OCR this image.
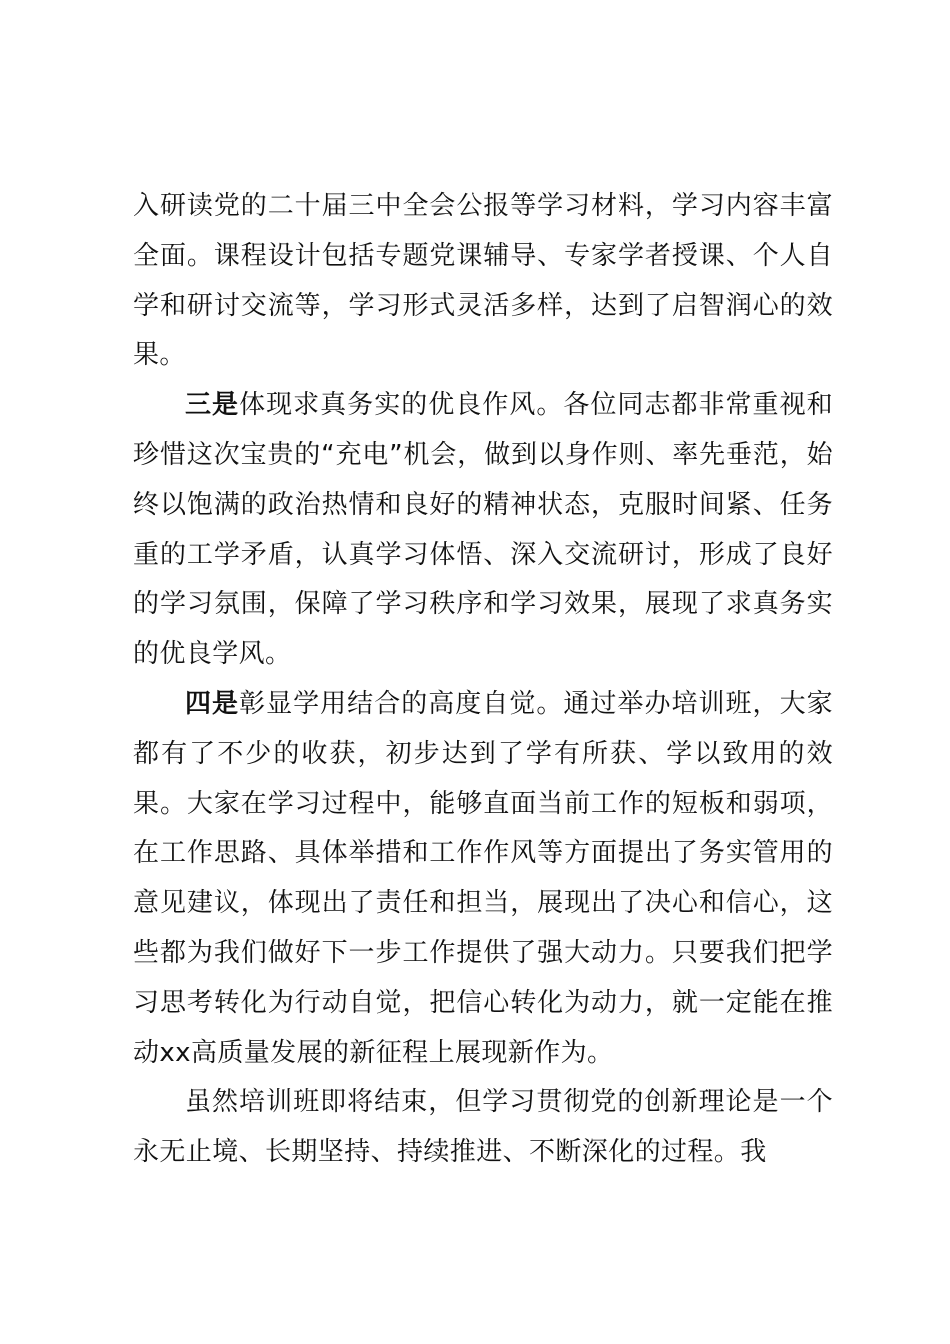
入研读党的二十届三中全会公报等学习材料，学习内容丰富全面。课程设计包括专题党课辅导、专家学者授课、个人自学和研讨交流等，学习形式灵活多样，达到了启智润心的效果。

三是体现求真务实的优良作风。各位同志都非常重视和珍惜这次宝贵的“充电”机会，做到以身作则、率先垂范，始终以饱满的政治热情和良好的精神状态，克服时间紧、任务重的工学矛盾，认真学习体悟、深入交流研讨，形成了良好的学习氛围，保障了学习秩序和学习效果，展现了求真务实的优良学风。

四是彰显学用结合的高度自觉。通过举办培训班，大家都有了不少的收获，初步达到了学有所获、学以致用的效果。大家在学习过程中，能够直面当前工作的短板和弱项，在工作思路、具体举措和工作作风等方面提出了务实管用的意见建议，体现出了责任和担当，展现出了决心和信心，这些都为我们做好下一步工作提供了强大动力。只要我们把学习思考转化为行动自觉，把信心转化为动力，就一定能在推动xx高质量发展的新征程上展现新作为。

虽然培训班即将结束，但学习贯彻党的创新理论是一个永无止境、长期坚持、持续推进、不断深化的过程。我
